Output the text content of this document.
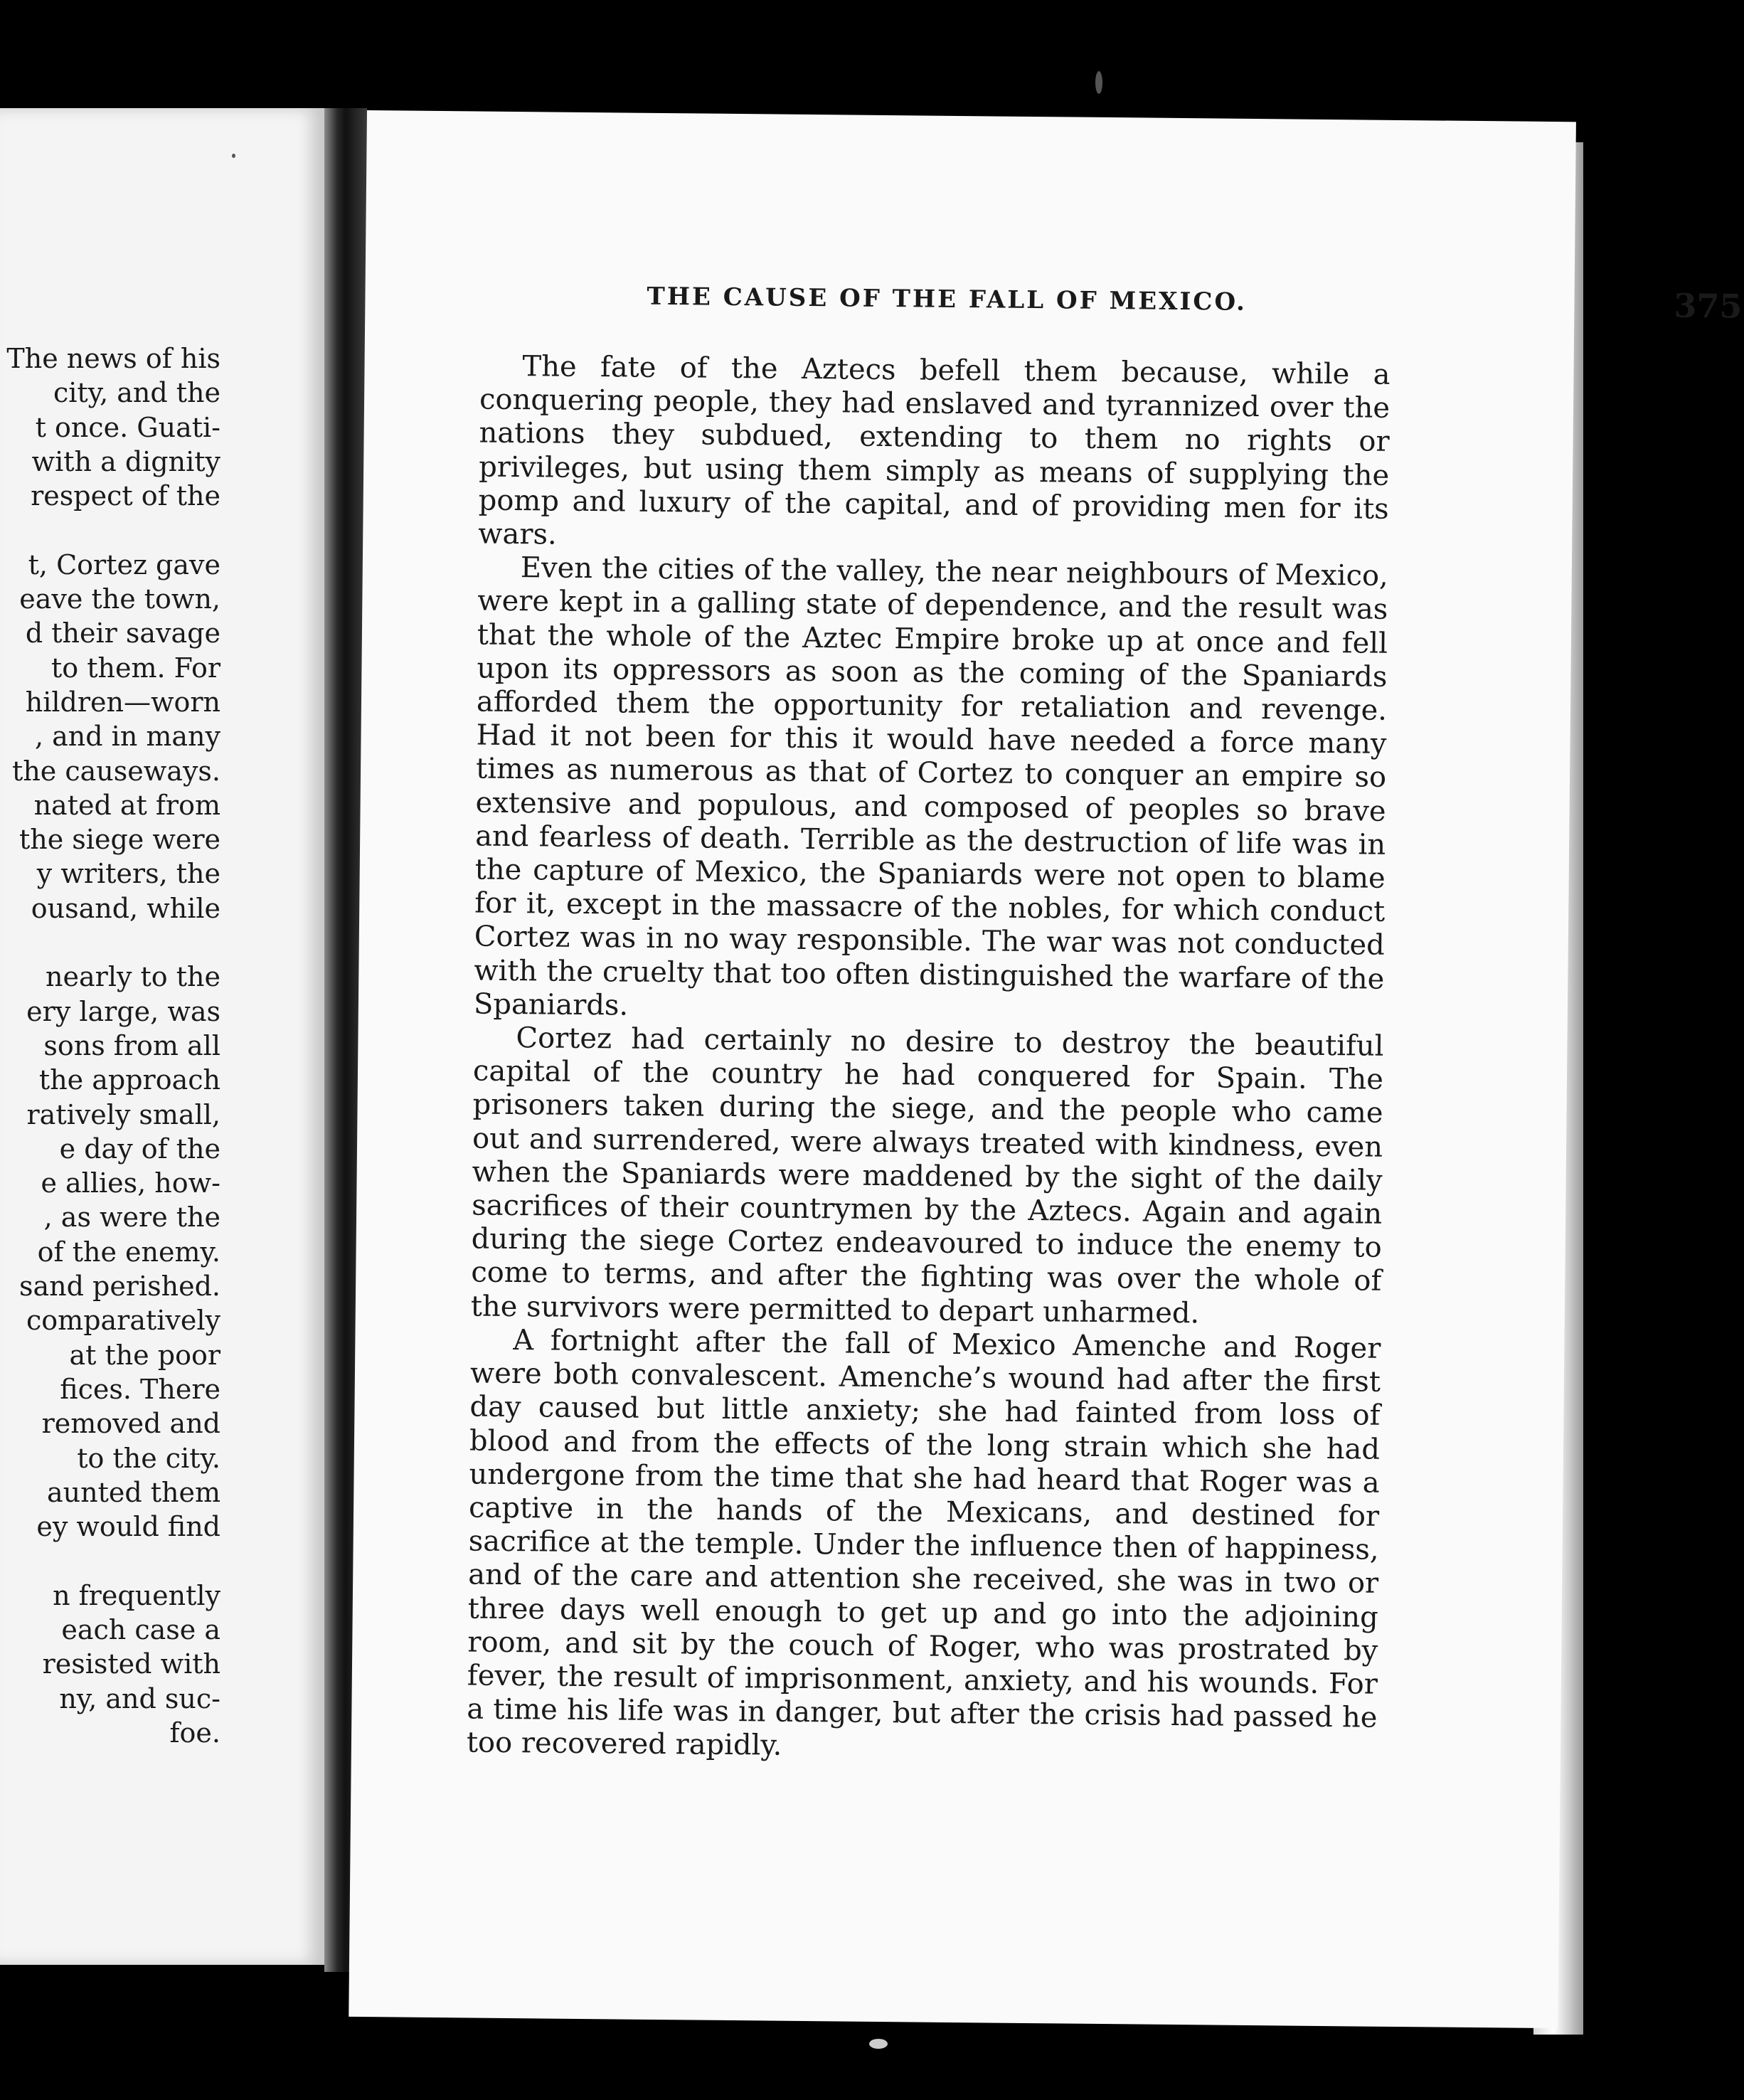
The news of his
city, and the
t once. Guati-
with a dignity
respect of the
t, Cortez gave
eave the town,
d their savage
to them. For
hildren—worn
, and in many
the causeways.
nated at from
the siege were
y writers, the
ousand, while
nearly to the
ery large, was
sons from all
the approach
ratively small,
e day of the
e allies, how-
, as were the
of the enemy.
sand perished.
comparatively
at the poor
fices. There
removed and
to the city.
aunted them
ey would find
n frequently
each case a
resisted with
ny, and suc-
foe.
THE CAUSE OF THE FALL OF MEXICO.	375

The fate of the Aztecs befell them because, while a conquering people, they had enslaved and tyrannized over the nations they subdued, extending to them no rights or privileges, but using them simply as means of supplying the pomp and luxury of the capital, and of providing men for its wars.

Even the cities of the valley, the near neighbours of Mexico, were kept in a galling state of dependence, and the result was that the whole of the Aztec Empire broke up at once and fell upon its oppressors as soon as the coming of the Spaniards afforded them the opportunity for retaliation and revenge. Had it not been for this it would have needed a force many times as numerous as that of Cortez to conquer an empire so extensive and populous, and composed of peoples so brave and fearless of death. Terrible as the destruction of life was in the capture of Mexico, the Spaniards were not open to blame for it, except in the massacre of the nobles, for which conduct Cortez was in no way responsible. The war was not conducted with the cruelty that too often distinguished the warfare of the Spaniards.

Cortez had certainly no desire to destroy the beautiful capital of the country he had conquered for Spain. The prisoners taken during the siege, and the people who came out and surrendered, were always treated with kindness, even when the Spaniards were maddened by the sight of the daily sacrifices of their countrymen by the Aztecs. Again and again during the siege Cortez endeavoured to induce the enemy to come to terms, and after the fighting was over the whole of the survivors were permitted to depart unharmed.

A fortnight after the fall of Mexico Amenche and Roger were both convalescent. Amenche’s wound had after the first day caused but little anxiety; she had fainted from loss of blood and from the effects of the long strain which she had undergone from the time that she had heard that Roger was a captive in the hands of the Mexicans, and destined for sacrifice at the temple. Under the influence then of happiness, and of the care and attention she received, she was in two or three days well enough to get up and go into the adjoining room, and sit by the couch of Roger, who was prostrated by fever, the result of imprisonment, anxiety, and his wounds. For a time his life was in danger, but after the crisis had passed he too recovered rapidly.
